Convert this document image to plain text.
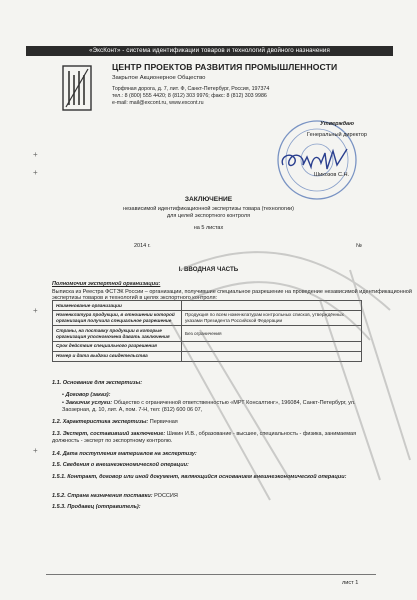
«ЭксКонт» - система идентификации товаров и технологий двойного назначения
ЦЕНТР ПРОЕКТОВ РАЗВИТИЯ ПРОМЫШЛЕННОСТИ
Закрытое Акционерное Общество
Торфяная дорога, д. 7, лит. Ф, Санкт-Петербург, Россия, 197374
тел.: 8 (800) 555 4420; 8 (812) 303 9976; факс: 8 (812) 303 9986
e-mail: mail@excont.ru, www.excont.ru
Утверждаю
Генеральный директор
Шикозов С.Н.
ЗАКЛЮЧЕНИЕ
независимой идентификационной экспертизы товара (технологии)
для целей экспортного контроля
на 5 листах
2014 г.	№
I. ВВОДНАЯ ЧАСТЬ
Полномочия экспертной организации:
Выписка из Реестра ФСТЭК России – организации, получившие специальное разрешение на проведение независимой идентификационной экспертизы товаров и технологий в целях экспортного контроля:
Наименование организации	
Номенклатура продукции, в отношении которой организация получила специальное разрешение	Продукция по всем номенклатурам контрольных списков, утверждённых указами Президента Российской Федерации
Страны, на поставку продукции в которые организация уполномочена давать заключения	Без ограничения
Срок действия специального разрешения	
Номер и дата выдачи свидетельства	
1.1. Основание для экспертизы:
• Договор (заказ):
• Заказчик услуги: Общество с ограниченной ответственностью «МРТ Консалтинг», 196084, Санкт-Петербург, ул. Заозерная, д. 10, лит. А, пом. 7-Н, тел: (812) 600 06 07,
1.2. Характеристика экспертизы: Первичная
1.3. Эксперт, составивший заключение: Шикин И.В., образование - высшее, специальность - физика, занимаемая должность - эксперт по экспортному контролю.
1.4. Дата поступления материалов на экспертизу:
1.5. Сведения о внешнеэкономической операции:
1.5.1. Контракт, договор или иной документ, являющийся основанием внешнеэкономической операции:
1.5.2. Страна назначения поставки: РОССИЯ
1.5.3. Продавец (отправитель):
+
+
+
+
лист 1
